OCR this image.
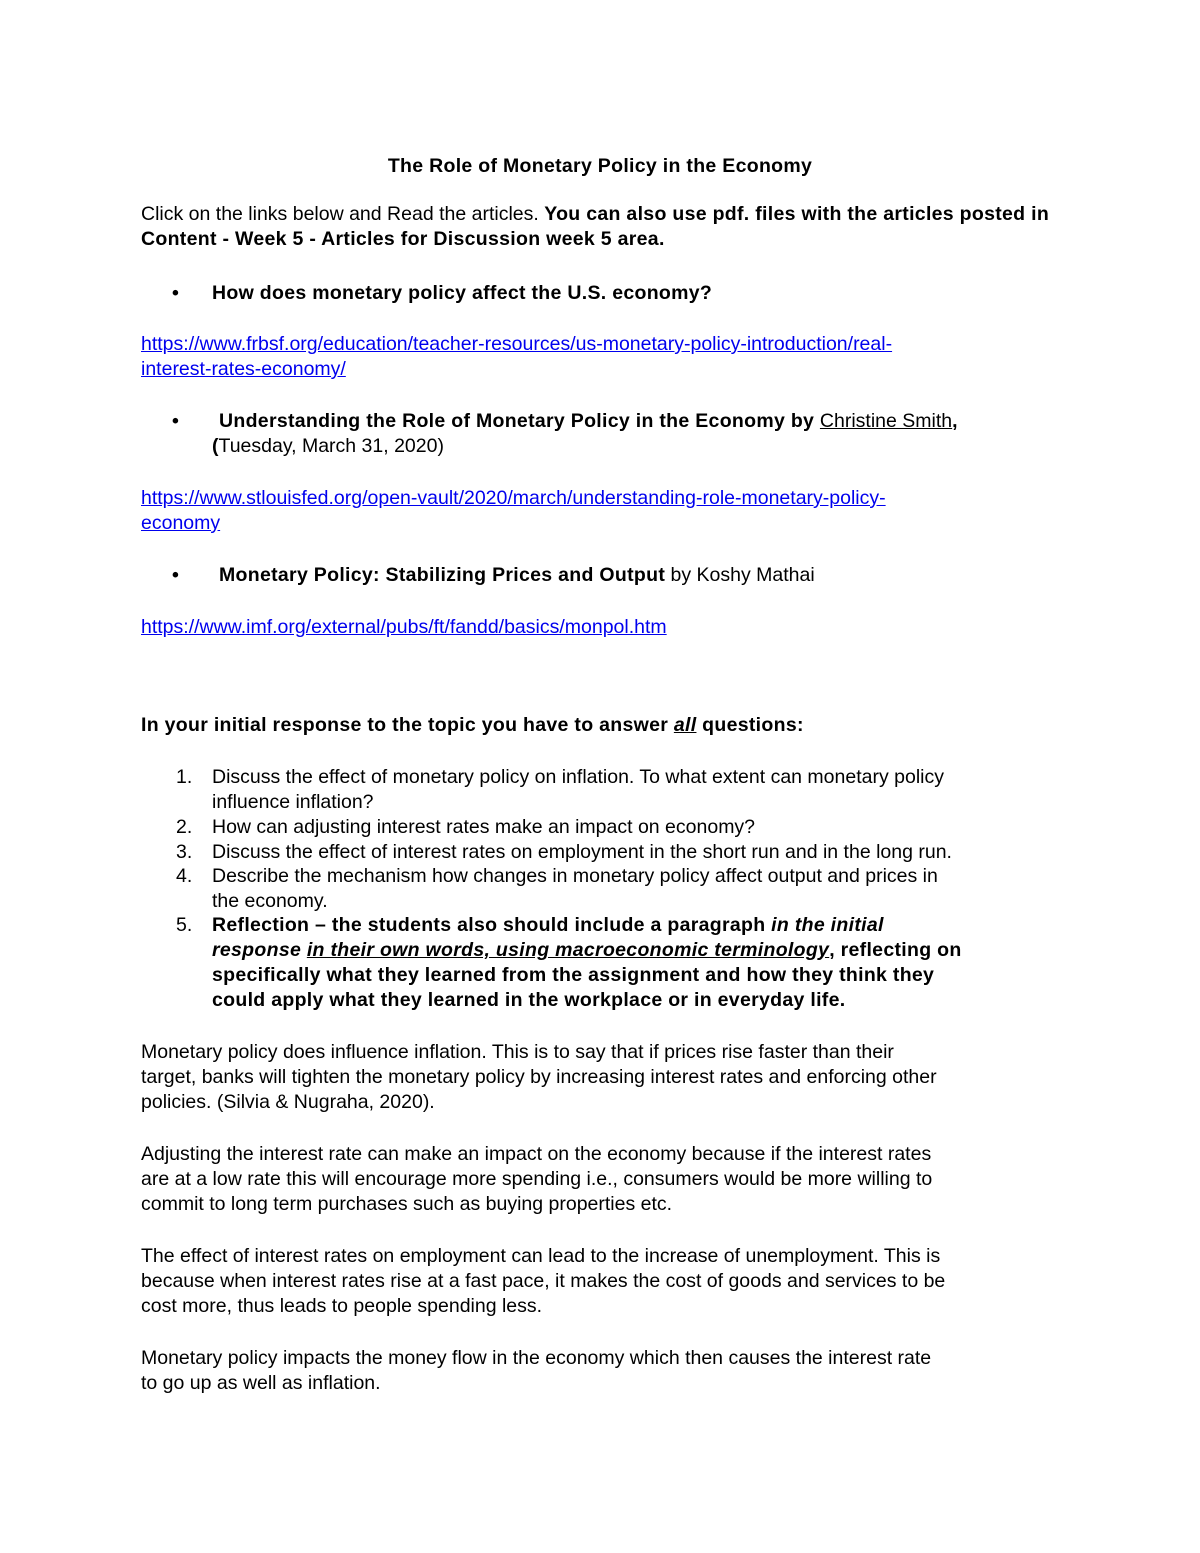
The Role of Monetary Policy in the Economy
Click on the links below and Read the articles. You can also use pdf. files with the articles posted in Content - Week 5 - Articles for Discussion week 5 area.
• How does monetary policy affect the U.S. economy?
https://www.frbsf.org/education/teacher-resources/us-monetary-policy-introduction/real-
interest-rates-economy/
• Understanding the Role of Monetary Policy in the Economy by Christine Smith,
(Tuesday, March 31, 2020)
https://www.stlouisfed.org/open-vault/2020/march/understanding-role-monetary-policy-
economy
• Monetary Policy: Stabilizing Prices and Output by Koshy Mathai
https://www.imf.org/external/pubs/ft/fandd/basics/monpol.htm
In your initial response to the topic you have to answer all questions:
1. Discuss the effect of monetary policy on inflation. To what extent can monetary policy
influence inflation?
2. How can adjusting interest rates make an impact on economy?
3. Discuss the effect of interest rates on employment in the short run and in the long run.
4. Describe the mechanism how changes in monetary policy affect output and prices in
the economy.
5. Reflection – the students also should include a paragraph in the initial
response in their own words, using macroeconomic terminology, reflecting on
specifically what they learned from the assignment and how they think they
could apply what they learned in the workplace or in everyday life.
Monetary policy does influence inflation. This is to say that if prices rise faster than their
target, banks will tighten the monetary policy by increasing interest rates and enforcing other
policies. (Silvia & Nugraha, 2020).
Adjusting the interest rate can make an impact on the economy because if the interest rates
are at a low rate this will encourage more spending i.e., consumers would be more willing to
commit to long term purchases such as buying properties etc.
The effect of interest rates on employment can lead to the increase of unemployment. This is
because when interest rates rise at a fast pace, it makes the cost of goods and services to be
cost more, thus leads to people spending less.
Monetary policy impacts the money flow in the economy which then causes the interest rate
to go up as well as inflation.
